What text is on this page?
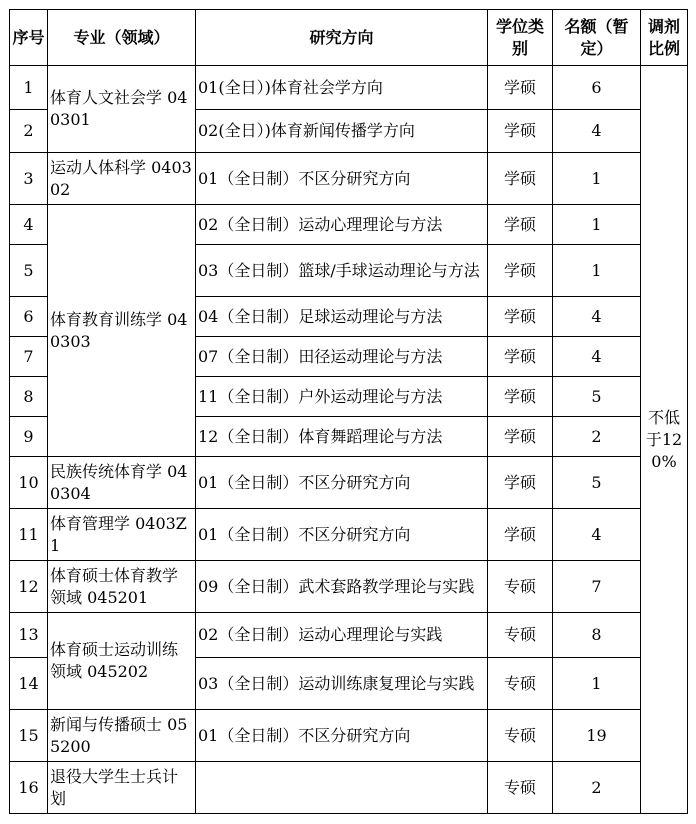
序号	专业（领域）	研究方向	学位类别	名额（暂定）	调剂比例
1	体育人文社会学 040301	01(全日）)体育社会学方向	学硕	6	不低于120%
2		02(全日）)体育新闻传播学方向	学硕	4	
3	运动人体科学 040302	01（全日制）不区分研究方向	学硕	1	
4	体育教育训练学 040303	02（全日制）运动心理理论与方法	学硕	1	
5		03（全日制）篮球/手球运动理论与方法	学硕	1	
6		04（全日制）足球运动理论与方法	学硕	4	
7		07（全日制）田径运动理论与方法	学硕	4	
8		11（全日制）户外运动理论与方法	学硕	5	
9		12（全日制）体育舞蹈理论与方法	学硕	2	
10	民族传统体育学 040304	01（全日制）不区分研究方向	学硕	5	
11	体育管理学 0403Z1	01（全日制）不区分研究方向	学硕	4	
12	体育硕士体育教学领域 045201	09（全日制）武术套路教学理论与实践	专硕	7	
13	体育硕士运动训练领域 045202	02（全日制）运动心理理论与实践	专硕	8	
14		03（全日制）运动训练康复理论与实践	专硕	1	
15	新闻与传播硕士 055200	01（全日制）不区分研究方向	专硕	19	
16	退役大学生士兵计划		专硕	2	
